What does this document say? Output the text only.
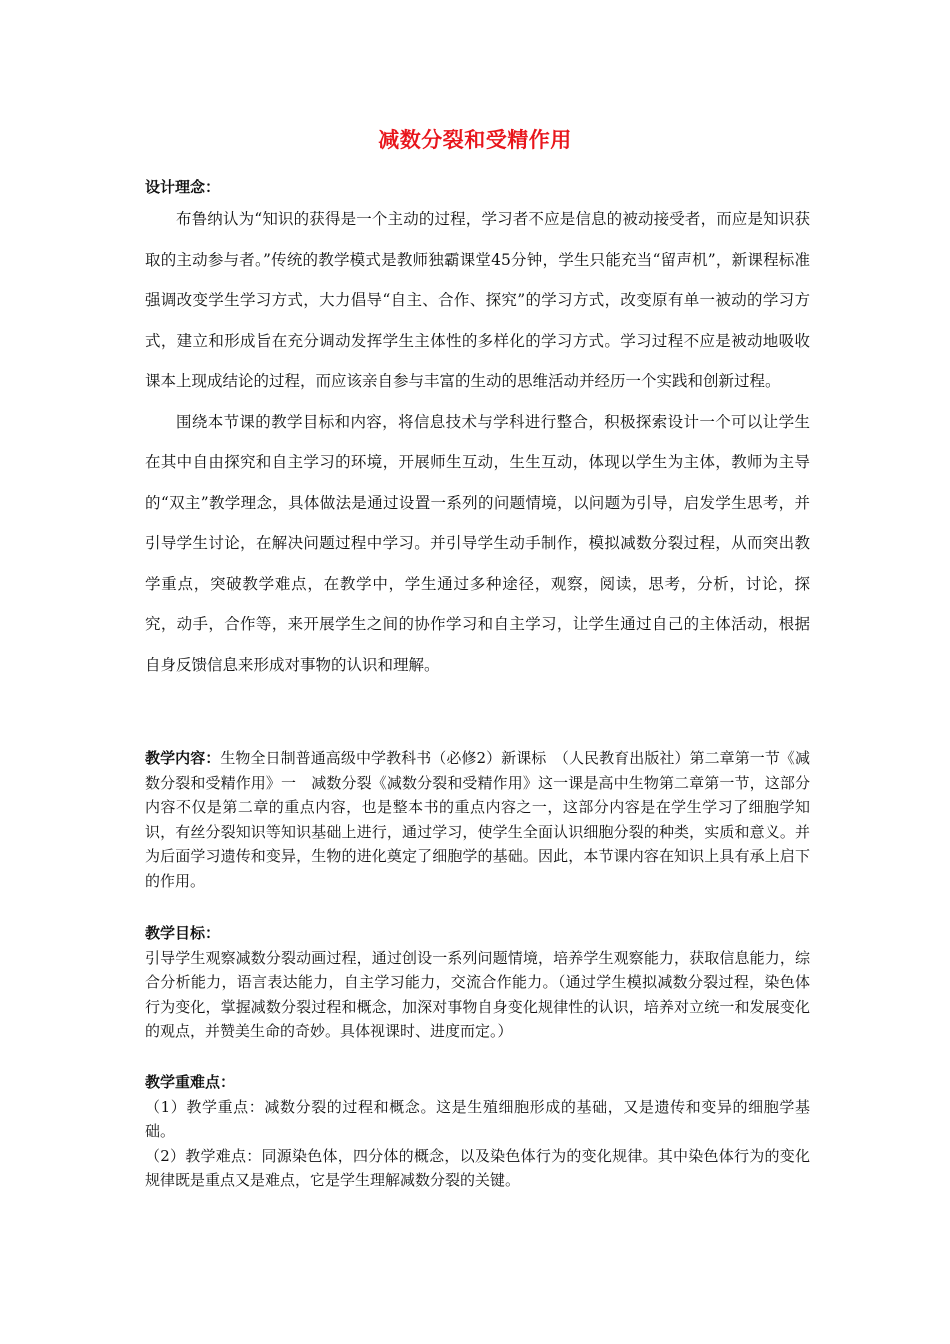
减数分裂和受精作用
设计理念：

布鲁纳认为“知识的获得是一个主动的过程，学习者不应是信息的被动接受者，而应是知识获取的主动参与者。”传统的教学模式是教师独霸课堂45分钟，学生只能充当“留声机”，新课程标准强调改变学生学习方式，大力倡导“自主、合作、探究”的学习方式，改变原有单一被动的学习方式，建立和形成旨在充分调动发挥学生主体性的多样化的学习方式。学习过程不应是被动地吸收课本上现成结论的过程，而应该亲自参与丰富的生动的思维活动并经历一个实践和创新过程。

围绕本节课的教学目标和内容，将信息技术与学科进行整合，积极探索设计一个可以让学生在其中自由探究和自主学习的环境，开展师生互动，生生互动，体现以学生为主体，教师为主导的“双主”教学理念，具体做法是通过设置一系列的问题情境，以问题为引导，启发学生思考，并引导学生讨论，在解决问题过程中学习。并引导学生动手制作，模拟减数分裂过程，从而突出教学重点，突破教学难点，在教学中，学生通过多种途径，观察，阅读，思考，分析，讨论，探究，动手，合作等，来开展学生之间的协作学习和自主学习，让学生通过自己的主体活动，根据自身反馈信息来形成对事物的认识和理解。

教学内容：生物全日制普通高级中学教科书（必修2）新课标　（人民教育出版社）第二章第一节《减数分裂和受精作用》一　减数分裂《减数分裂和受精作用》这一课是高中生物第二章第一节，这部分内容不仅是第二章的重点内容，也是整本书的重点内容之一，这部分内容是在学生学习了细胞学知识，有丝分裂知识等知识基础上进行，通过学习，使学生全面认识细胞分裂的种类，实质和意义。并为后面学习遗传和变异，生物的进化奠定了细胞学的基础。因此，本节课内容在知识上具有承上启下的作用。

教学目标：

引导学生观察减数分裂动画过程，通过创设一系列问题情境，培养学生观察能力，获取信息能力，综合分析能力，语言表达能力，自主学习能力，交流合作能力。（通过学生模拟减数分裂过程，染色体行为变化，掌握减数分裂过程和概念，加深对事物自身变化规律性的认识，培养对立统一和发展变化的观点，并赞美生命的奇妙。具体视课时、进度而定。）

教学重难点：

（1）教学重点：减数分裂的过程和概念。这是生殖细胞形成的基础，又是遗传和变异的细胞学基础。

（2）教学难点：同源染色体，四分体的概念，以及染色体行为的变化规律。其中染色体行为的变化规律既是重点又是难点，它是学生理解减数分裂的关键。
